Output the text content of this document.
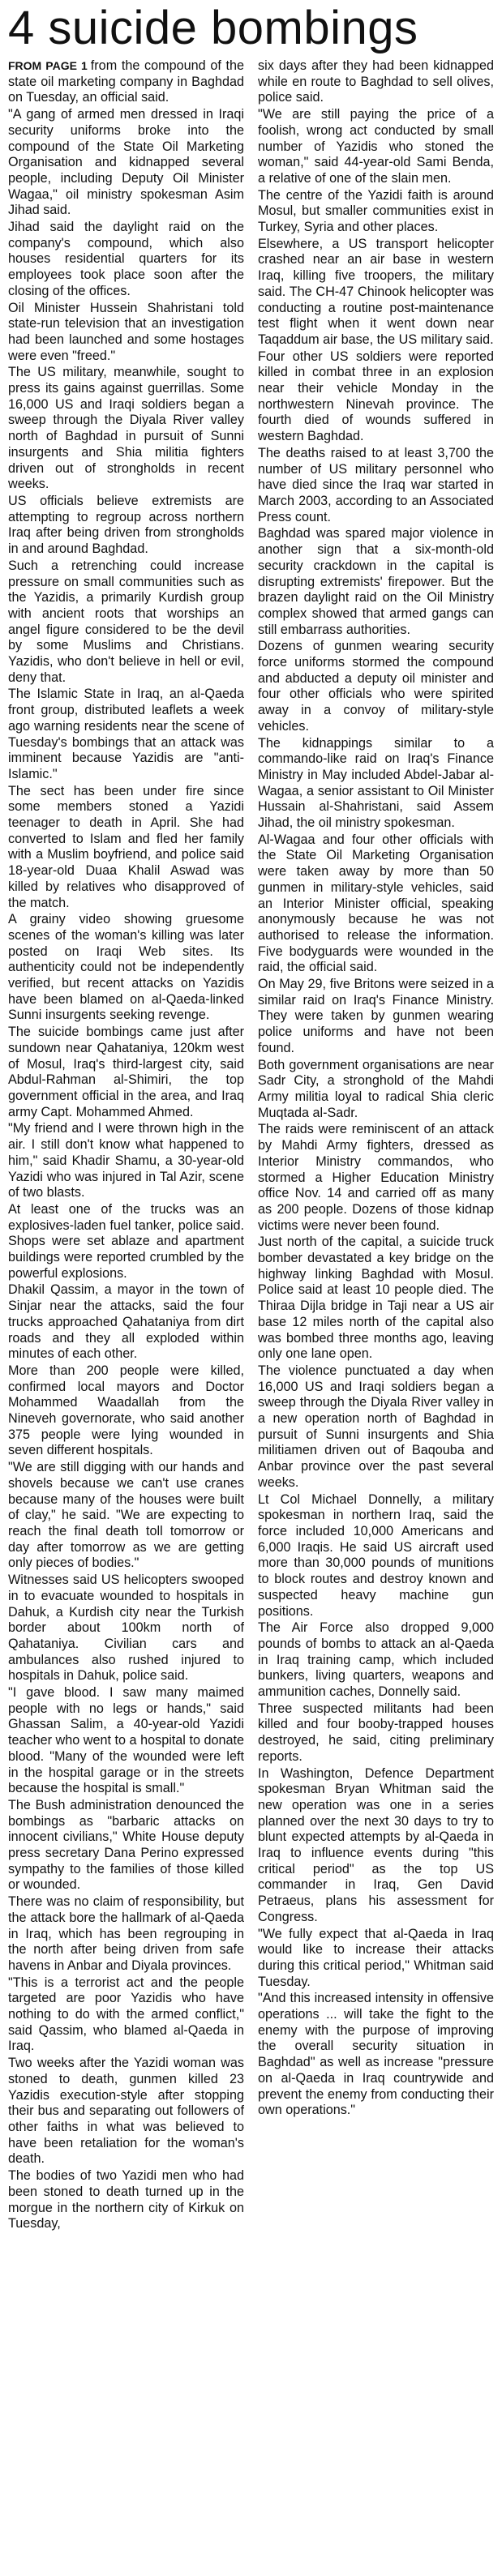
4 suicide bombings

FROM PAGE 1 from the compound of the state oil marketing company in Baghdad on Tuesday, an official said.

"A gang of armed men dressed in Iraqi security uniforms broke into the compound of the State Oil Marketing Organisation and kidnapped several people, including Deputy Oil Minister Wagaa," oil ministry spokesman Asim Jihad said.

Jihad said the daylight raid on the company's compound, which also houses residential quarters for its employees took place soon after the closing of the offices.

Oil Minister Hussein Shahristani told state-run television that an investigation had been launched and some hostages were even "freed."

The US military, meanwhile, sought to press its gains against guerrillas. Some 16,000 US and Iraqi soldiers began a sweep through the Diyala River valley north of Baghdad in pursuit of Sunni insurgents and Shia militia fighters driven out of strongholds in recent weeks.

US officials believe extremists are attempting to regroup across northern Iraq after being driven from strongholds in and around Baghdad.

Such a retrenching could increase pressure on small communities such as the Yazidis, a primarily Kurdish group with ancient roots that worships an angel figure considered to be the devil by some Muslims and Christians. Yazidis, who don't believe in hell or evil, deny that.

The Islamic State in Iraq, an al-Qaeda front group, distributed leaflets a week ago warning residents near the scene of Tuesday's bombings that an attack was imminent because Yazidis are "anti-Islamic."

The sect has been under fire since some members stoned a Yazidi teenager to death in April. She had converted to Islam and fled her family with a Muslim boyfriend, and police said 18-year-old Duaa Khalil Aswad was killed by relatives who disapproved of the match.

A grainy video showing gruesome scenes of the woman's killing was later posted on Iraqi Web sites. Its authenticity could not be independently verified, but recent attacks on Yazidis have been blamed on al-Qaeda-linked Sunni insurgents seeking revenge.

The suicide bombings came just after sundown near Qahataniya, 120km west of Mosul, Iraq's third-largest city, said Abdul-Rahman al-Shimiri, the top government official in the area, and Iraq army Capt. Mohammed Ahmed.

"My friend and I were thrown high in the air. I still don't know what happened to him," said Khadir Shamu, a 30-year-old Yazidi who was injured in Tal Azir, scene of two blasts.

At least one of the trucks was an explosives-laden fuel tanker, police said. Shops were set ablaze and apartment buildings were reported crumbled by the powerful explosions.

Dhakil Qassim, a mayor in the town of Sinjar near the attacks, said the four trucks approached Qahataniya from dirt roads and they all exploded within minutes of each other.

More than 200 people were killed, confirmed local mayors and Doctor Mohammed Waadallah from the Nineveh governorate, who said another 375 people were lying wounded in seven different hospitals.

"We are still digging with our hands and shovels because we can't use cranes because many of the houses were built of clay," he said. "We are expecting to reach the final death toll tomorrow or day after tomorrow as we are getting only pieces of bodies."

Witnesses said US helicopters swooped in to evacuate wounded to hospitals in Dahuk, a Kurdish city near the Turkish border about 100km north of Qahataniya. Civilian cars and ambulances also rushed injured to hospitals in Dahuk, police said.

"I gave blood. I saw many maimed people with no legs or hands," said Ghassan Salim, a 40-year-old Yazidi teacher who went to a hospital to donate blood. "Many of the wounded were left in the hospital garage or in the streets because the hospital is small."

The Bush administration denounced the bombings as "barbaric attacks on innocent civilians," White House deputy press secretary Dana Perino expressed sympathy to the families of those killed or wounded.

There was no claim of responsibility, but the attack bore the hallmark of al-Qaeda in Iraq, which has been regrouping in the north after being driven from safe havens in Anbar and Diyala provinces.

"This is a terrorist act and the people targeted are poor Yazidis who have nothing to do with the armed conflict," said Qassim, who blamed al-Qaeda in Iraq.

Two weeks after the Yazidi woman was stoned to death, gunmen killed 23 Yazidis execution-style after stopping their bus and separating out followers of other faiths in what was believed to have been retaliation for the woman's death.

The bodies of two Yazidi men who had been stoned to death turned up in the morgue in the northern city of Kirkuk on Tuesday,

six days after they had been kidnapped while en route to Baghdad to sell olives, police said.

"We are still paying the price of a foolish, wrong act conducted by small number of Yazidis who stoned the woman," said 44-year-old Sami Benda, a relative of one of the slain men.

The centre of the Yazidi faith is around Mosul, but smaller communities exist in Turkey, Syria and other places.

Elsewhere, a US transport helicopter crashed near an air base in western Iraq, killing five troopers, the military said. The CH-47 Chinook helicopter was conducting a routine post-maintenance test flight when it went down near Taqaddum air base, the US military said.

Four other US soldiers were reported killed in combat three in an explosion near their vehicle Monday in the northwestern Ninevah province. The fourth died of wounds suffered in western Baghdad.

The deaths raised to at least 3,700 the number of US military personnel who have died since the Iraq war started in March 2003, according to an Associated Press count.

Baghdad was spared major violence in another sign that a six-month-old security crackdown in the capital is disrupting extremists' firepower. But the brazen daylight raid on the Oil Ministry complex showed that armed gangs can still embarrass authorities.

Dozens of gunmen wearing security force uniforms stormed the compound and abducted a deputy oil minister and four other officials who were spirited away in a convoy of military-style vehicles.

The kidnappings similar to a commando-like raid on Iraq's Finance Ministry in May included Abdel-Jabar al-Wagaa, a senior assistant to Oil Minister Hussain al-Shahristani, said Assem Jihad, the oil ministry spokesman.

Al-Wagaa and four other officials with the State Oil Marketing Organisation were taken away by more than 50 gunmen in military-style vehicles, said an Interior Minister official, speaking anonymously because he was not authorised to release the information. Five bodyguards were wounded in the raid, the official said.

On May 29, five Britons were seized in a similar raid on Iraq's Finance Ministry. They were taken by gunmen wearing police uniforms and have not been found.

Both government organisations are near Sadr City, a stronghold of the Mahdi Army militia loyal to radical Shia cleric Muqtada al-Sadr.

The raids were reminiscent of an attack by Mahdi Army fighters, dressed as Interior Ministry commandos, who stormed a Higher Education Ministry office Nov. 14 and carried off as many as 200 people. Dozens of those kidnap victims were never been found.

Just north of the capital, a suicide truck bomber devastated a key bridge on the highway linking Baghdad with Mosul. Police said at least 10 people died. The Thiraa Dijla bridge in Taji near a US air base 12 miles north of the capital also was bombed three months ago, leaving only one lane open.

The violence punctuated a day when 16,000 US and Iraqi soldiers began a sweep through the Diyala River valley in a new operation north of Baghdad in pursuit of Sunni insurgents and Shia militiamen driven out of Baqouba and Anbar province over the past several weeks.

Lt Col Michael Donnelly, a military spokesman in northern Iraq, said the force included 10,000 Americans and 6,000 Iraqis. He said US aircraft used more than 30,000 pounds of munitions to block routes and destroy known and suspected heavy machine gun positions.

The Air Force also dropped 9,000 pounds of bombs to attack an al-Qaeda in Iraq training camp, which included bunkers, living quarters, weapons and ammunition caches, Donnelly said.

Three suspected militants had been killed and four booby-trapped houses destroyed, he said, citing preliminary reports.

In Washington, Defence Department spokesman Bryan Whitman said the new operation was one in a series planned over the next 30 days to try to blunt expected attempts by al-Qaeda in Iraq to influence events during "this critical period" as the top US commander in Iraq, Gen David Petraeus, plans his assessment for Congress.

"We fully expect that al-Qaeda in Iraq would like to increase their attacks during this critical period," Whitman said Tuesday.

"And this increased intensity in offensive operations ... will take the fight to the enemy with the purpose of improving the overall security situation in Baghdad" as well as increase "pressure on al-Qaeda in Iraq countrywide and prevent the enemy from conducting their own operations."
